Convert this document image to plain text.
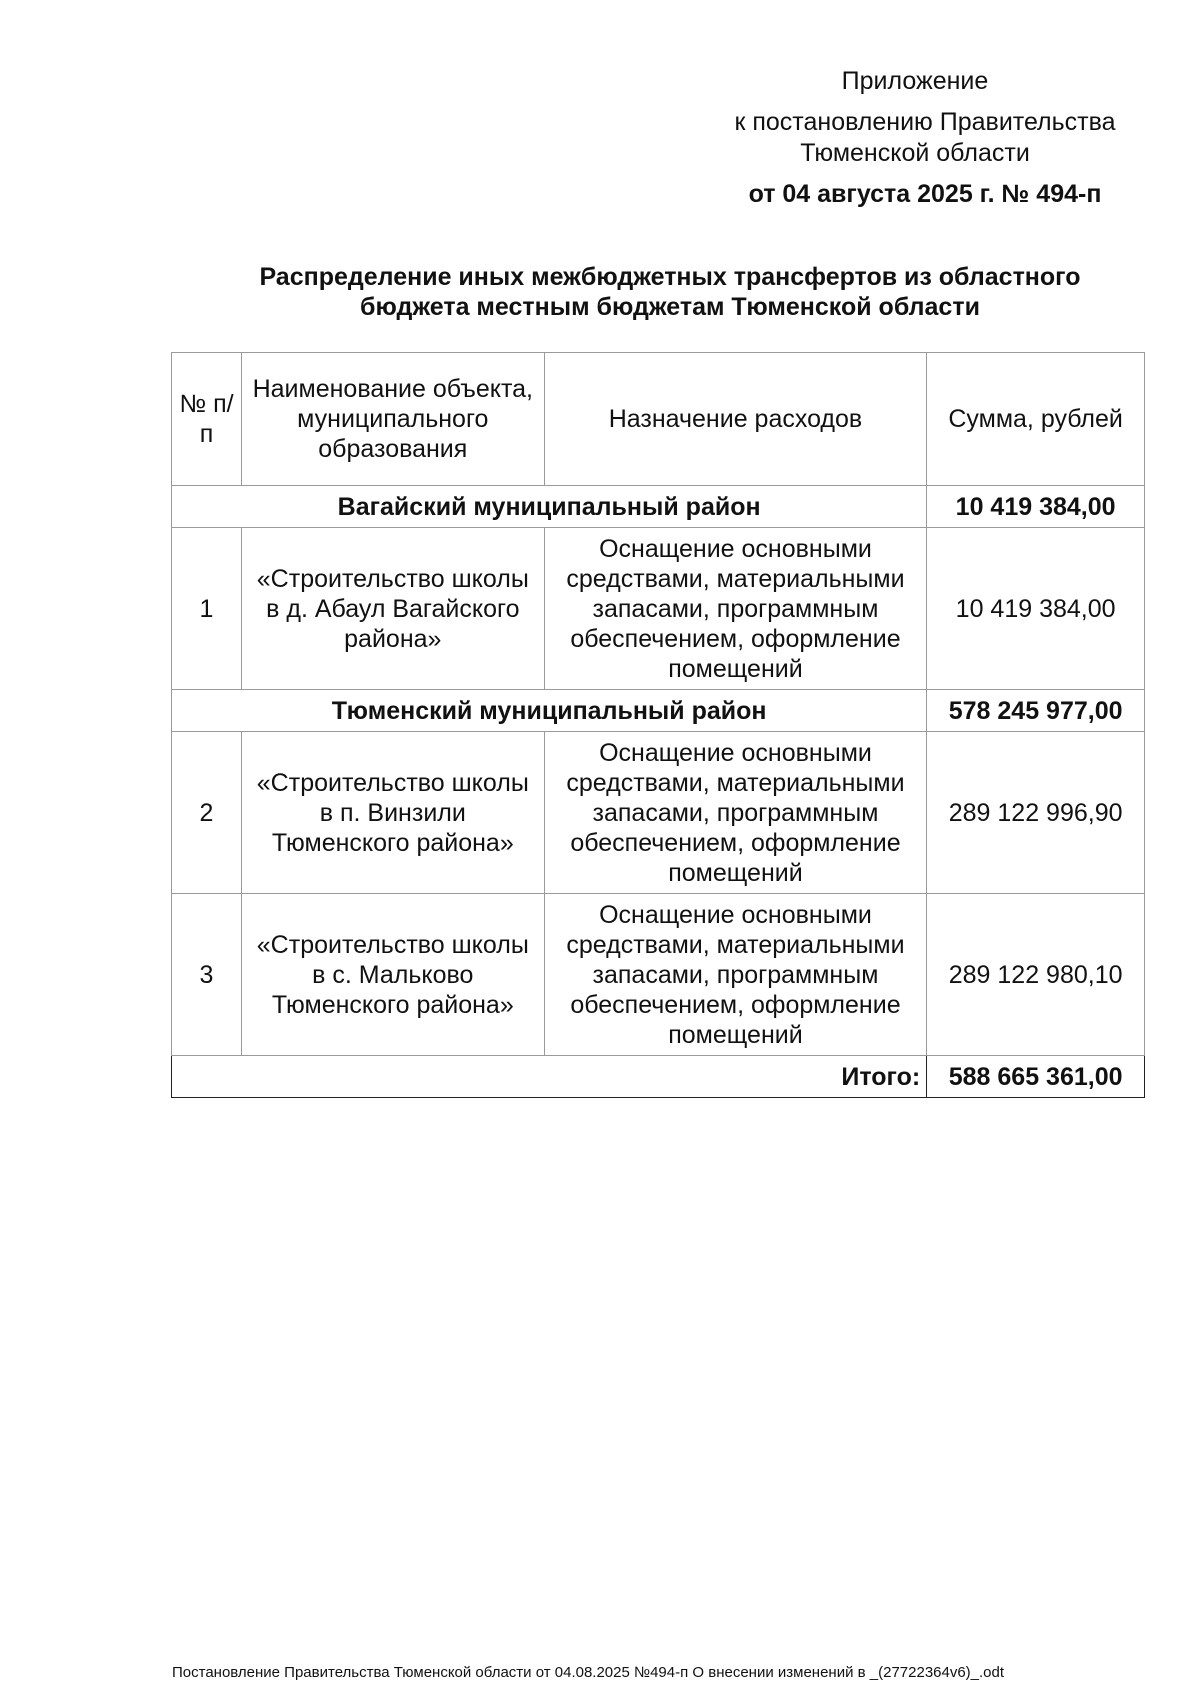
Приложение
к постановлению Правительства
Тюменской области
от 04 августа 2025 г. № 494-п
Распределение иных межбюджетных трансфертов из областного
бюджета местным бюджетам Тюменской области
№ п/п	Наименование объекта, муниципального образования	Назначение расходов	Сумма, рублей
Вагайский муниципальный район			10 419 384,00
1	«Строительство школы в д. Абаул Вагайского района»	Оснащение основными средствами, материальными запасами, программным обеспечением, оформление помещений	10 419 384,00
Тюменский муниципальный район			578 245 977,00
2	«Строительство школы в п. Винзили Тюменского района»	Оснащение основными средствами, материальными запасами, программным обеспечением, оформление помещений	289 122 996,90
3	«Строительство школы в с. Мальково Тюменского района»	Оснащение основными средствами, материальными запасами, программным обеспечением, оформление помещений	289 122 980,10
Итого:			588 665 361,00
Постановление Правительства Тюменской области от 04.08.2025 №494-п О внесении изменений в _(27722364v6)_.odt
